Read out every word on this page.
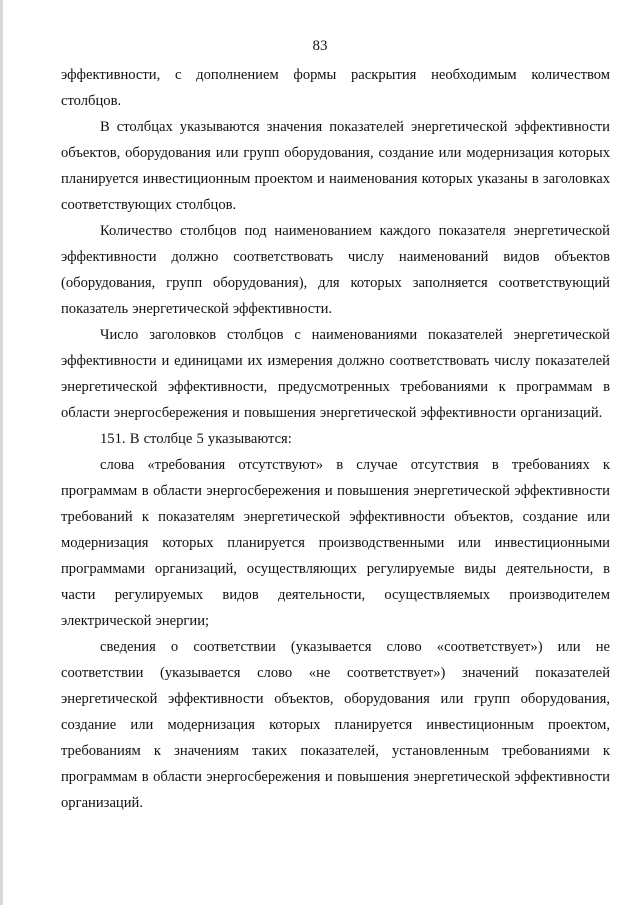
83

эффективности, с дополнением формы раскрытия необходимым количеством столбцов.

В столбцах указываются значения показателей энергетической эффективности объектов, оборудования или групп оборудования, создание или модернизация которых планируется инвестиционным проектом и наименования которых указаны в заголовках соответствующих столбцов.

Количество столбцов под наименованием каждого показателя энергетической эффективности должно соответствовать числу наименований видов объектов (оборудования, групп оборудования), для которых заполняется соответствующий показатель энергетической эффективности.

Число заголовков столбцов с наименованиями показателей энергетической эффективности и единицами их измерения должно соответствовать числу показателей энергетической эффективности, предусмотренных требованиями к программам в области энергосбережения и повышения энергетической эффективности организаций.

151. В столбце 5 указываются:

слова «требования отсутствуют» в случае отсутствия в требованиях к программам в области энергосбережения и повышения энергетической эффективности требований к показателям энергетической эффективности объектов, создание или модернизация которых планируется производственными или инвестиционными программами организаций, осуществляющих регулируемые виды деятельности, в части регулируемых видов деятельности, осуществляемых производителем электрической энергии;

сведения о соответствии (указывается слово «соответствует») или не соответствии (указывается слово «не соответствует») значений показателей энергетической эффективности объектов, оборудования или групп оборудования, создание или модернизация которых планируется инвестиционным проектом, требованиям к значениям таких показателей, установленным требованиями к программам в области энергосбережения и повышения энергетической эффективности организаций.
